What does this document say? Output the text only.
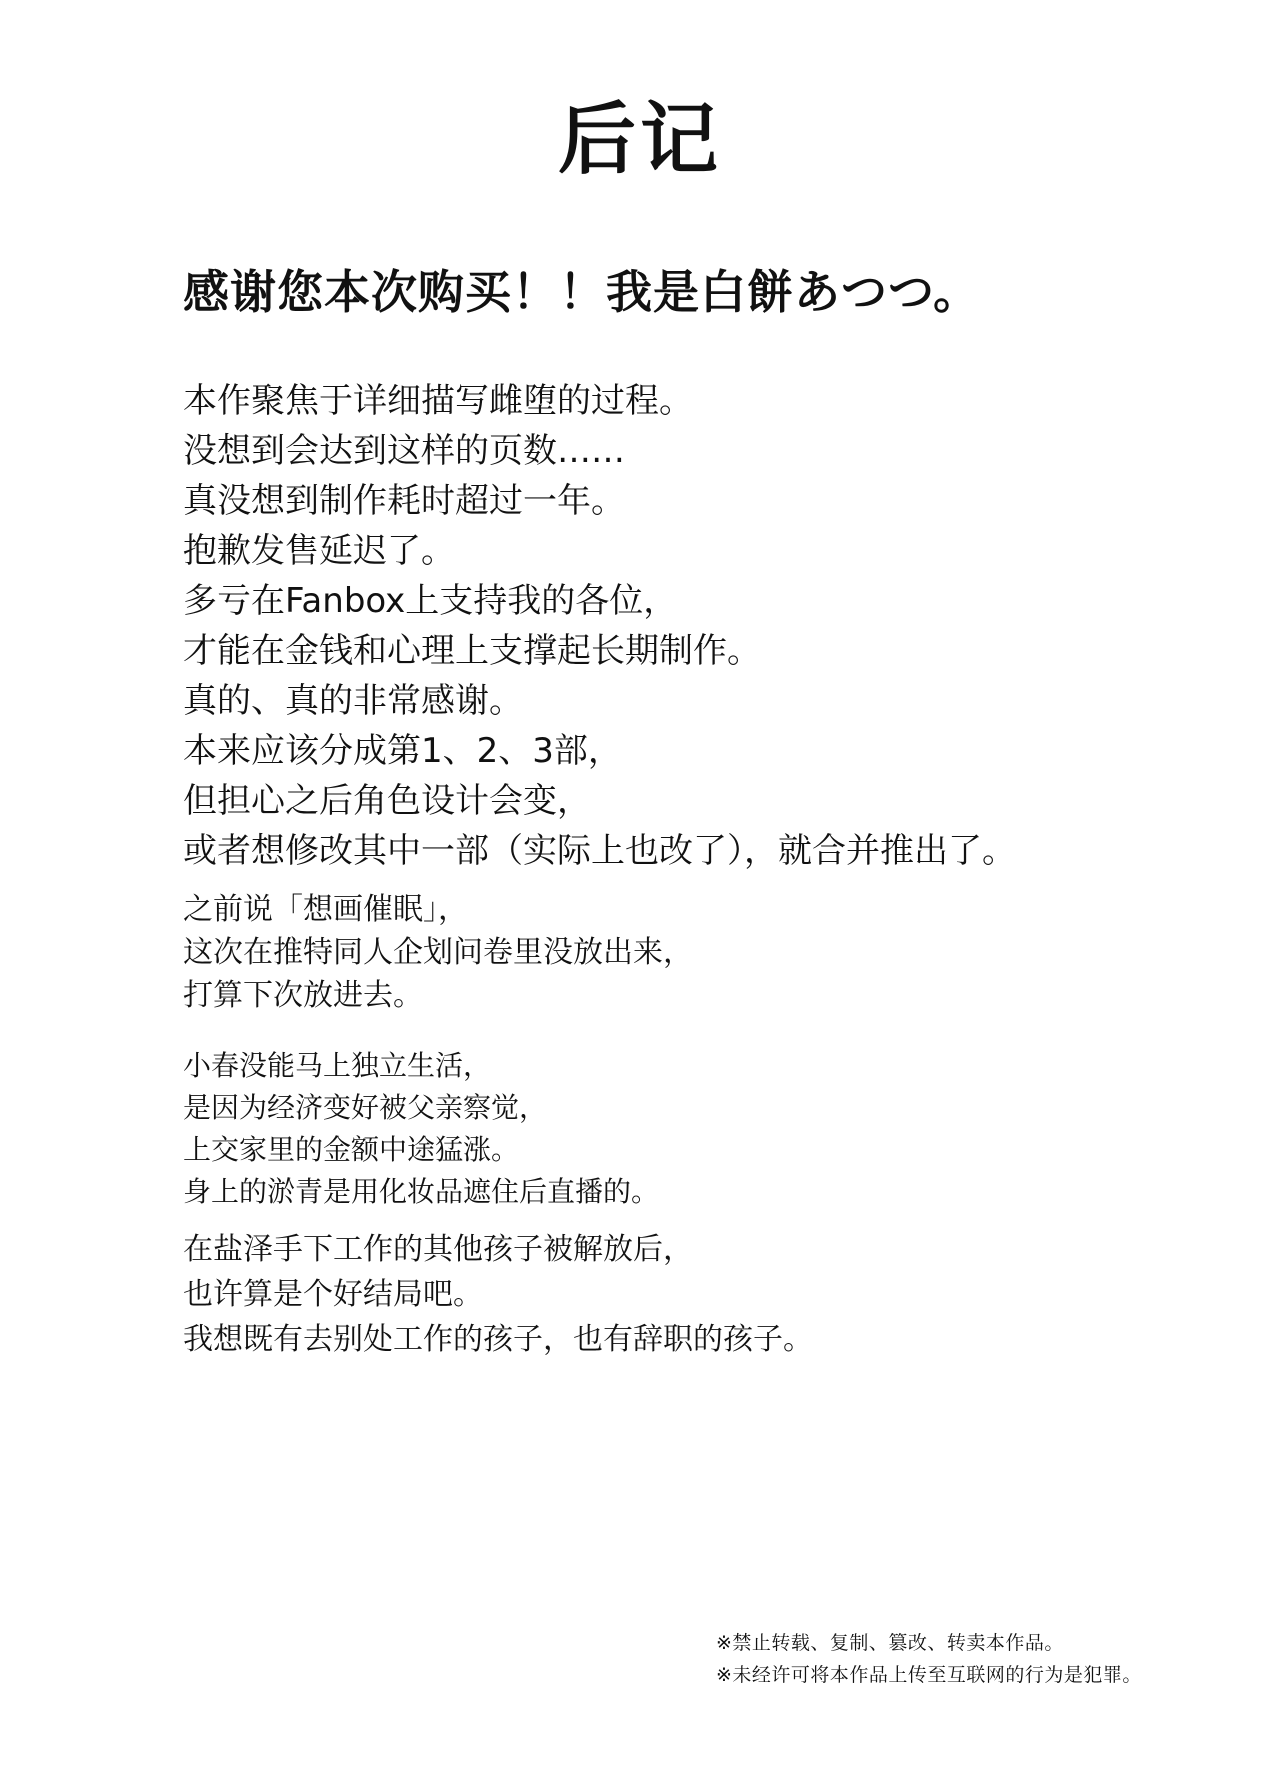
后记
感谢您本次购买！！我是白餅あつつ。
本作聚焦于详细描写雌堕的过程。
没想到会达到这样的页数……
真没想到制作耗时超过一年。
抱歉发售延迟了。
多亏在Fanbox上支持我的各位，
才能在金钱和心理上支撑起长期制作。
真的、真的非常感谢。
本来应该分成第1、2、3部，
但担心之后角色设计会变，
或者想修改其中一部（实际上也改了），就合并推出了。
之前说「想画催眠」，
这次在推特同人企划问卷里没放出来，
打算下次放进去。
小春没能马上独立生活，
是因为经济变好被父亲察觉，
上交家里的金额中途猛涨。
身上的淤青是用化妆品遮住后直播的。
在盐泽手下工作的其他孩子被解放后，
也许算是个好结局吧。
我想既有去别处工作的孩子，也有辞职的孩子。
※禁止转载、复制、篡改、转卖本作品。
※未经许可将本作品上传至互联网的行为是犯罪。
